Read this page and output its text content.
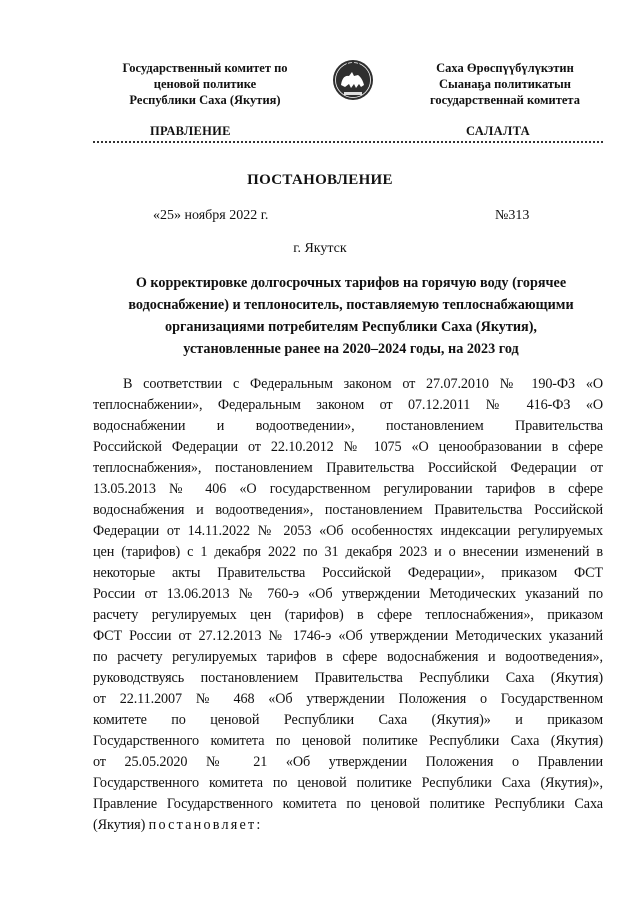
Государственный комитет по
ценовой политике
Республики Саха (Якутия)
Саха Өрөспүүбүлүкэтин
Сыанаҕа политикатын
государственнай комитета
ПРАВЛЕНИЕ	САЛАЛТА
ПОСТАНОВЛЕНИЕ
«25» ноября 2022 г.	№313
г. Якутск
О корректировке долгосрочных тарифов на горячую воду (горячее
водоснабжение) и теплоноситель, поставляемую теплоснабжающими
организациями потребителям Республики Саха (Якутия),
установленные ранее на 2020–2024 годы, на 2023 год
В соответствии с Федеральным законом от 27.07.2010 № 190-ФЗ «О
теплоснабжении», Федеральным законом от 07.12.2011 № 416-ФЗ «О
водоснабжении и водоотведении», постановлением Правительства
Российской Федерации от 22.10.2012 № 1075 «О ценообразовании в сфере
теплоснабжения», постановлением Правительства Российской Федерации от
13.05.2013 № 406 «О государственном регулировании тарифов в сфере
водоснабжения и водоотведения», постановлением Правительства Российской
Федерации от 14.11.2022 № 2053 «Об особенностях индексации регулируемых
цен (тарифов) с 1 декабря 2022 по 31 декабря 2023 и о внесении изменений в
некоторые акты Правительства Российской Федерации», приказом ФСТ
России от 13.06.2013 № 760-э «Об утверждении Методических указаний по
расчету регулируемых цен (тарифов) в сфере теплоснабжения», приказом
ФСТ России от 27.12.2013 № 1746-э «Об утверждении Методических указаний
по расчету регулируемых тарифов в сфере водоснабжения и водоотведения»,
руководствуясь постановлением Правительства Республики Саха (Якутия)
от 22.11.2007 № 468 «Об утверждении Положения о Государственном
комитете по ценовой Республики Саха (Якутия)» и приказом
Государственного комитета по ценовой политике Республики Саха (Якутия)
от 25.05.2020 № 21 «Об утверждении Положения о Правлении
Государственного комитета по ценовой политике Республики Саха (Якутия)»,
Правление Государственного комитета по ценовой политике Республики Саха
(Якутия) постановляет:
